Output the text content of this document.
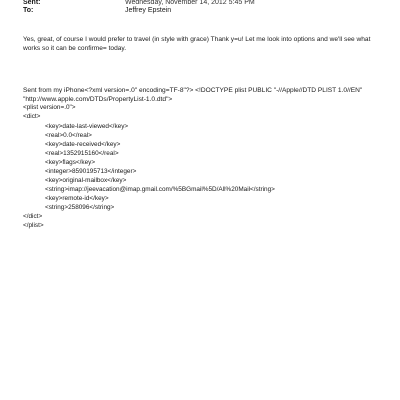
Sent:	Wednesday, November 14, 2012 5:45 PM
To:	Jeffrey Epstein
Yes, great, of course I would prefer to travel (in style with grace) Thank y=u! Let me look into options and we'll see what works so it can be confirme= today.
Sent from my iPhone<?xml version=.0" encoding=TF-8"?> <!DOCTYPE plist PUBLIC "-//Apple//DTD PLIST 1.0//EN" "http://www.apple.com/DTDs/PropertyList-1.0.dtd">
<plist version=.0">
<dict>
<key>date-last-viewed</key>
<real>0.0</real>
<key>date-received</key>
<real>1352915160</real>
<key>flags</key>
<integer>8590195713</integer>
<key>original-mailbox</key>
<string>imap://jeevacation@imap.gmail.com/%5BGmail%5D/All%20Mail</string>
<key>remote-id</key>
<string>258096</string>
</dict>
</plist>
